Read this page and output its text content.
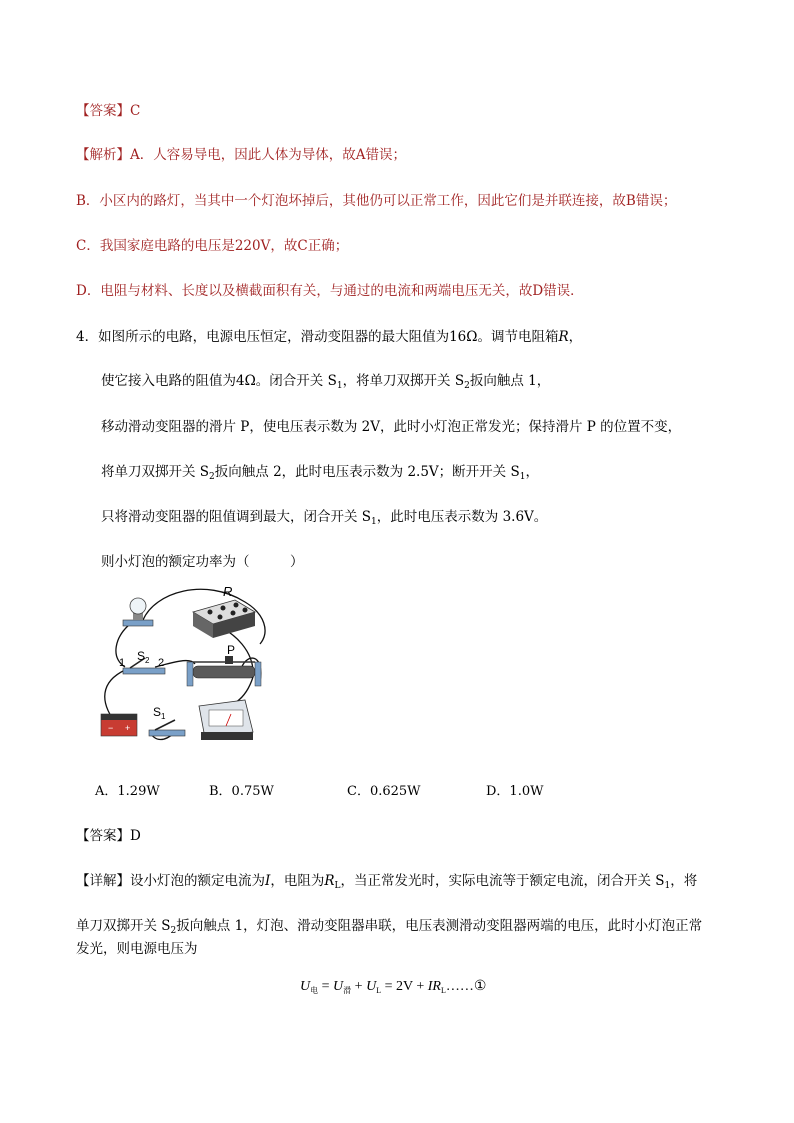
【答案】C
【解析】A．人容易导电，因此人体为导体，故A错误；
B．小区内的路灯，当其中一个灯泡坏掉后，其他仍可以正常工作，因此它们是并联连接，故B错误；
C．我国家庭电路的电压是220V，故C正确；
D．电阻与材料、长度以及横截面积有关，与通过的电流和两端电压无关，故D错误．
4．如图所示的电路，电源电压恒定，滑动变阻器的最大阻值为16Ω。调节电阻箱R，
使它接入电路的阻值为4Ω。闭合开关 $S_1$，将单刀双掷开关 $S_2$扳向触点 1，
移动滑动变阻器的滑片 P，使电压表示数为 2V，此时小灯泡正常发光；保持滑片 P 的位置不变，
将单刀双掷开关 $S_2$扳向触点 2，此时电压表示数为 2.5V；断开开关 $S_1$，
只将滑动变阻器的阻值调到最大，闭合开关 $S_1$，此时电压表示数为 3.6V。
则小灯泡的额定功率为（　　　）
R
$S_2$
1	2
P
− +
$S_1$
A．1.29W	B．0.75W	C．0.625W	D．1.0W
【答案】D
【详解】设小灯泡的额定电流为I，电阻为$R_L$，当正常发光时，实际电流等于额定电流，闭合开关 $S_1$，将
单刀双掷开关 $S_2$扳向触点 1，灯泡、滑动变阻器串联，电压表测滑动变阻器两端的电压，此时小灯泡正常
发光，则电源电压为
$U_电 = U_滑 + U_L = 2V$ + $IR_L\dots\dots ①$
